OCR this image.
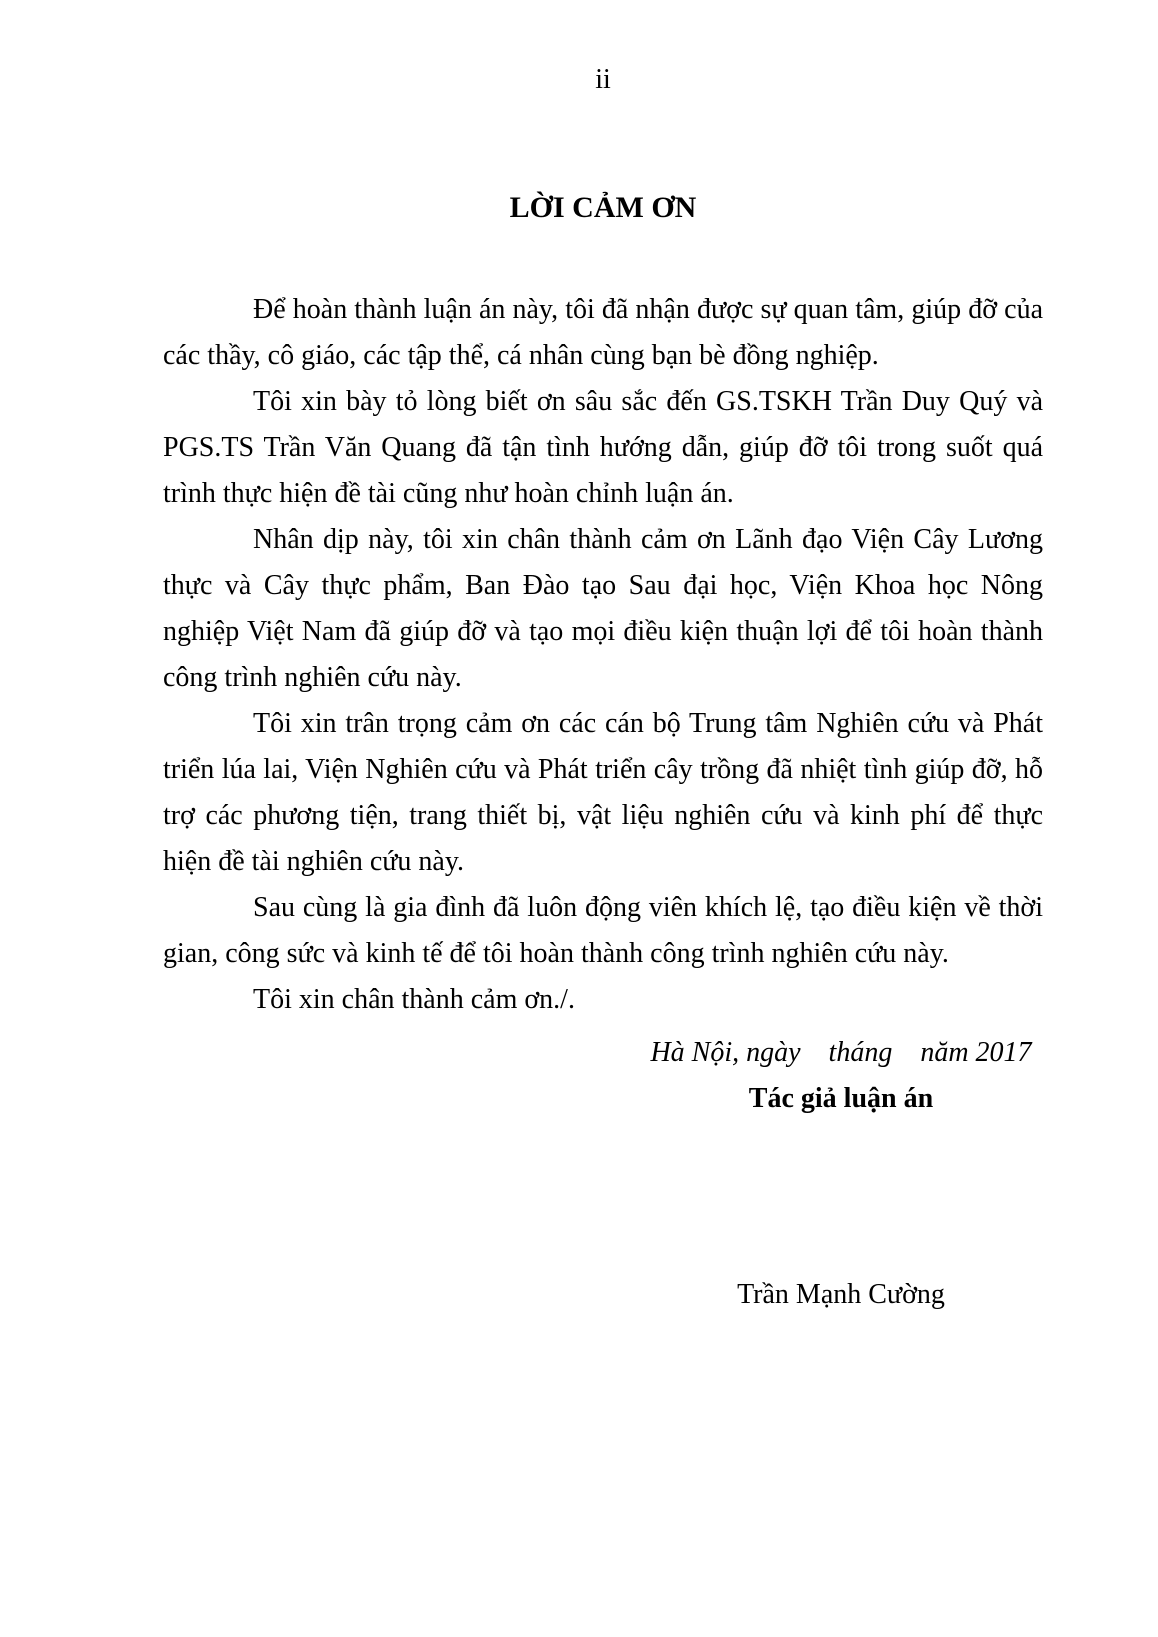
ii
LỜI CẢM ƠN

Để hoàn thành luận án này, tôi đã nhận được sự quan tâm, giúp đỡ của các thầy, cô giáo, các tập thể, cá nhân cùng bạn bè đồng nghiệp.

Tôi xin bày tỏ lòng biết ơn sâu sắc đến GS.TSKH Trần Duy Quý và PGS.TS Trần Văn Quang đã tận tình hướng dẫn, giúp đỡ tôi trong suốt quá trình thực hiện đề tài cũng như hoàn chỉnh luận án.

Nhân dịp này, tôi xin chân thành cảm ơn Lãnh đạo Viện Cây Lương thực và Cây thực phẩm, Ban Đào tạo Sau đại học, Viện Khoa học Nông nghiệp Việt Nam đã giúp đỡ và tạo mọi điều kiện thuận lợi để tôi hoàn thành công trình nghiên cứu này.

Tôi xin trân trọng cảm ơn các cán bộ Trung tâm Nghiên cứu và Phát triển lúa lai, Viện Nghiên cứu và Phát triển cây trồng đã nhiệt tình giúp đỡ, hỗ trợ các phương tiện, trang thiết bị, vật liệu nghiên cứu và kinh phí để thực hiện đề tài nghiên cứu này.

Sau cùng là gia đình đã luôn động viên khích lệ, tạo điều kiện về thời gian, công sức và kinh tế để tôi hoàn thành công trình nghiên cứu này.

Tôi xin chân thành cảm ơn./.

Hà Nội, ngày    tháng    năm 2017
Tác giả luận án
Trần Mạnh Cường
